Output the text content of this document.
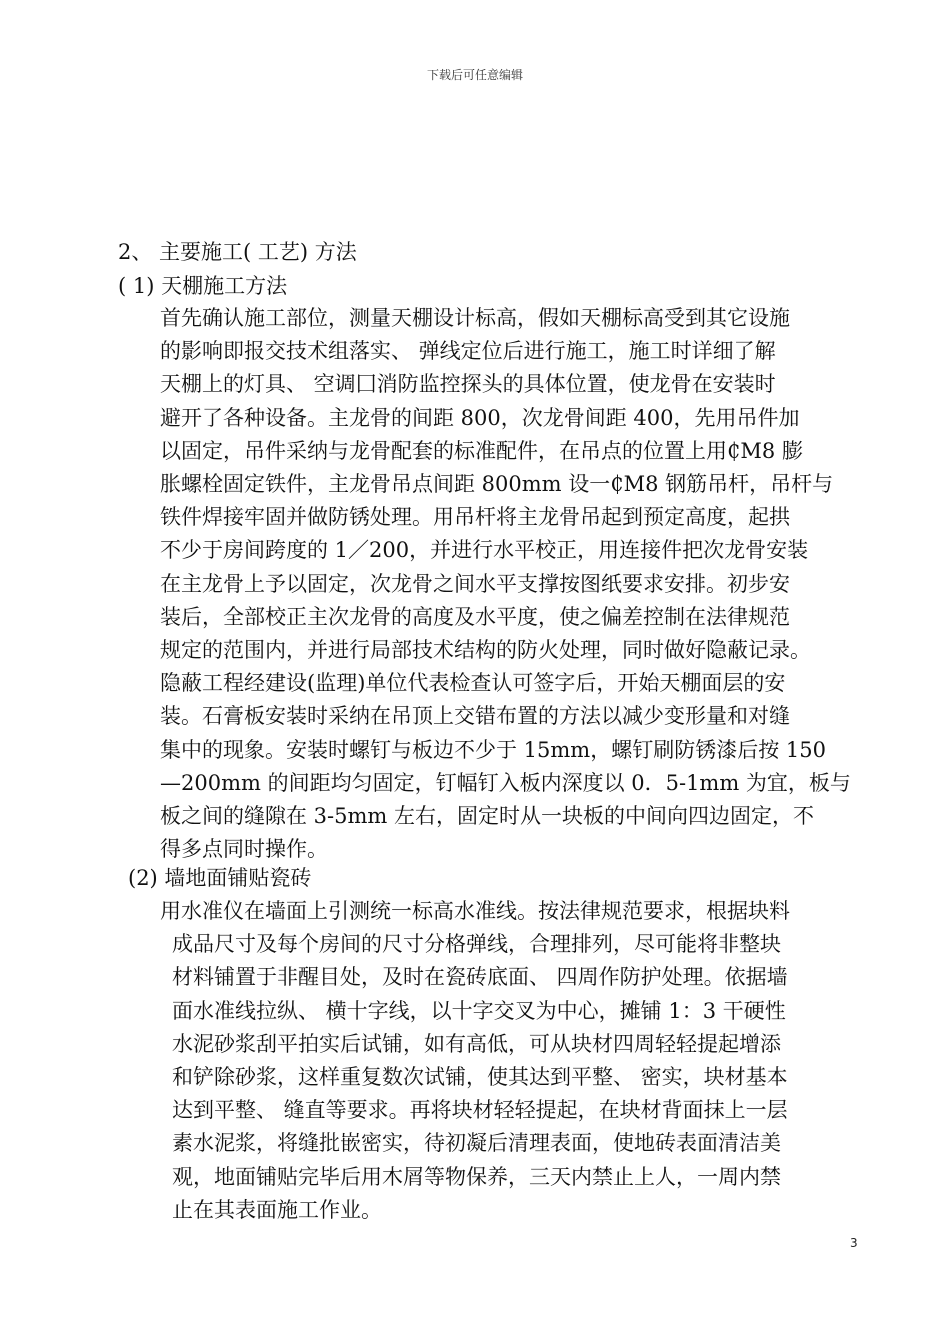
下载后可任意编辑
2、 主要施工( 工艺) 方法
( 1) 天棚施工方法
首先确认施工部位，测量天棚设计标高，假如天棚标高受到其它设施
的影响即报交技术组落实、 弹线定位后进行施工，施工时详细了解
天棚上的灯具、 空调囗消防监控探头的具体位置，使龙骨在安装时
避开了各种设备。主龙骨的间距 800，次龙骨间距 400，先用吊件加
以固定，吊件采纳与龙骨配套的标准配件，在吊点的位置上用₵M8 膨
胀螺栓固定铁件，主龙骨吊点间距 800mm 设一₵M8 钢筋吊杆，吊杆与
铁件焊接牢固并做防锈处理。用吊杆将主龙骨吊起到预定高度，起拱
不少于房间跨度的 1／200，并进行水平校正，用连接件把次龙骨安装
在主龙骨上予以固定，次龙骨之间水平支撑按图纸要求安排。初步安
装后，全部校正主次龙骨的高度及水平度，使之偏差控制在法律规范
规定的范围内，并进行局部技术结构的防火处理，同时做好隐蔽记录。
隐蔽工程经建设(监理)单位代表检查认可签字后，开始天棚面层的安
装。石膏板安装时采纳在吊顶上交错布置的方法以减少变形量和对缝
集中的现象。安装时螺钉与板边不少于 15mm，螺钉刷防锈漆后按 150
—200mm 的间距均匀固定，钉幅钉入板内深度以 0．5-1mm 为宜，板与
板之间的缝隙在 3-5mm 左右，固定时从一块板的中间向四边固定，不
得多点同时操作。
(2) 墙地面铺贴瓷砖
用水准仪在墙面上引测统一标高水准线。按法律规范要求，根据块料
成品尺寸及每个房间的尺寸分格弹线，合理排列，尽可能将非整块
材料铺置于非醒目处，及时在瓷砖底面、 四周作防护处理。依据墙
面水准线拉纵、 横十字线，以十字交叉为中心，摊铺 1：3 干硬性
水泥砂浆刮平拍实后试铺，如有高低，可从块材四周轻轻提起增添
和铲除砂浆，这样重复数次试铺，使其达到平整、 密实，块材基本
达到平整、 缝直等要求。再将块材轻轻提起，在块材背面抹上一层
素水泥浆，将缝批嵌密实，待初凝后清理表面，使地砖表面清洁美
观，地面铺贴完毕后用木屑等物保养，三天内禁止上人，一周内禁
止在其表面施工作业。
3
